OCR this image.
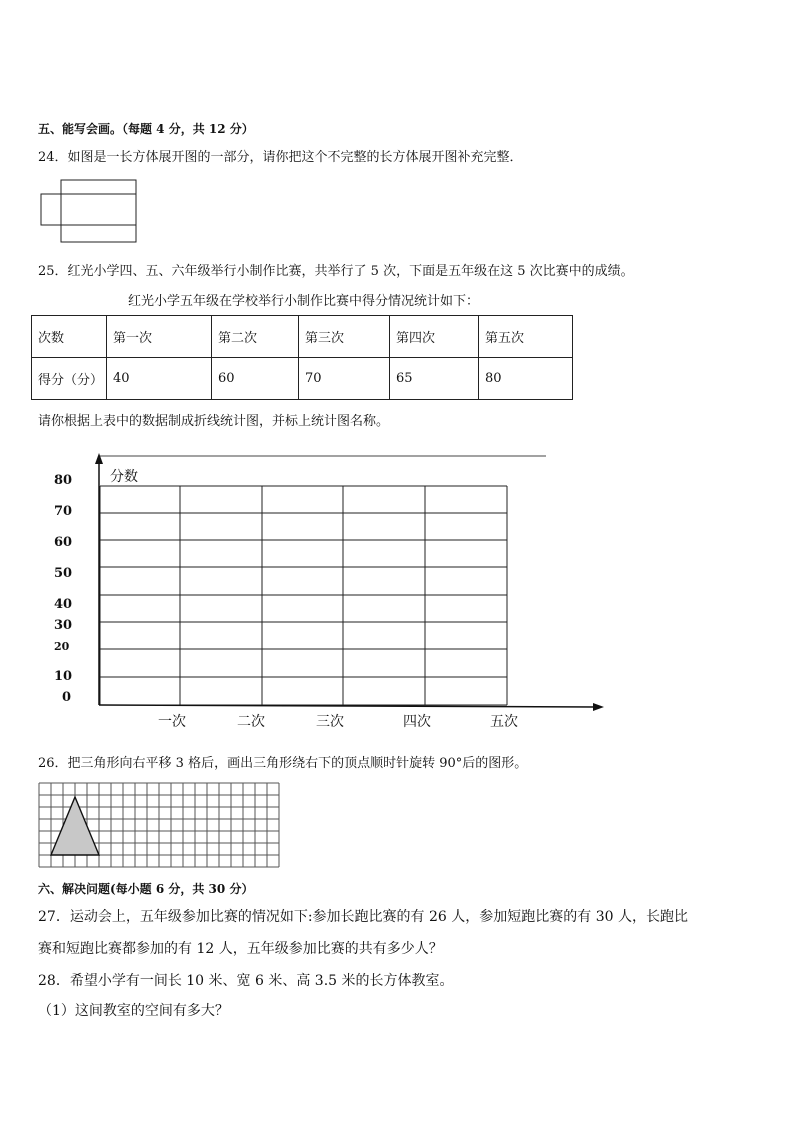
五、能写会画。（每题 4 分，共 12 分）
24．如图是一长方体展开图的一部分，请你把这个不完整的长方体展开图补充完整．
25．红光小学四、五、六年级举行小制作比赛，共举行了 5 次，下面是五年级在这 5 次比赛中的成绩。
红光小学五年级在学校举行小制作比赛中得分情况统计如下：
次数	第一次	第二次	第三次	第四次	第五次
得分（分）	40	60	70	65	80
请你根据上表中的数据制成折线统计图，并标上统计图名称。
分数
80
70
60
50
40
30
20
10
0
一次	二次	三次	四次	五次
26．把三角形向右平移 3 格后，画出三角形绕右下的顶点顺时针旋转 90°后的图形。
六、解决问题(每小题 6 分，共 30 分）
27．运动会上，五年级参加比赛的情况如下:参加长跑比赛的有 26 人，参加短跑比赛的有 30 人，长跑比
赛和短跑比赛都参加的有 12 人，五年级参加比赛的共有多少人？
28．希望小学有一间长 10 米、宽 6 米、高 3.5 米的长方体教室。
（1）这间教室的空间有多大？
